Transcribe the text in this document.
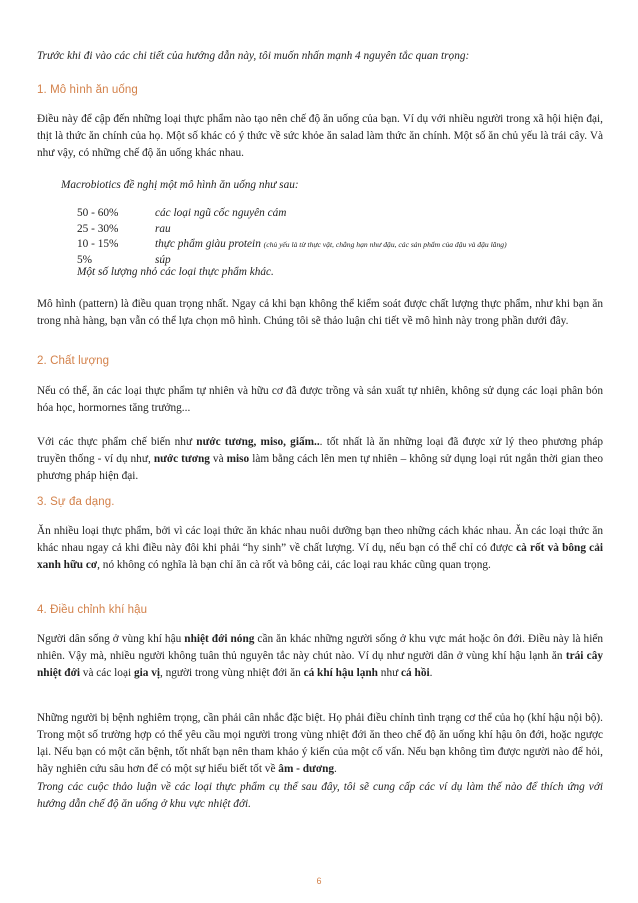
Trước khi đi vào các chi tiết của hướng dẫn này, tôi muốn nhấn mạnh 4 nguyên tắc quan trọng:

1. Mô hình ăn uống

Điều này để cập đến những loại thực phẩm nào tạo nên chế độ ăn uống của bạn. Ví dụ với nhiều người trong xã hội hiện đại, thịt là thức ăn chính của họ. Một số khác có ý thức về sức khỏe ăn salad làm thức ăn chính. Một số ăn chủ yếu là trái cây. Và như vậy, có những chế độ ăn uống khác nhau.

Macrobiotics đề nghị một mô hình ăn uống như sau:

50 - 60%	các loại ngũ cốc nguyên cám
25 - 30%	rau
10 - 15%	thực phẩm giàu protein (chủ yếu là từ thực vật, chẳng hạn như đậu, các sản phẩm của đậu và đậu lăng)
5%	súp

Một số lượng nhỏ các loại thực phẩm khác.

Mô hình (pattern) là điều quan trọng nhất. Ngay cả khi bạn không thể kiểm soát được chất lượng thực phẩm, như khi bạn ăn trong nhà hàng, bạn vẫn có thể lựa chọn mô hình. Chúng tôi sẽ thảo luận chi tiết về mô hình này trong phần dưới đây.

2. Chất lượng

Nếu có thể, ăn các loại thực phẩm tự nhiên và hữu cơ đã được trồng và sản xuất tự nhiên, không sử dụng các loại phân bón hóa học, hormornes tăng trưởng...

Với các thực phẩm chế biến như nước tương, miso, giấm... tốt nhất là ăn những loại đã được xử lý theo phương pháp truyền thống - ví dụ như, nước tương và miso làm bằng cách lên men tự nhiên – không sử dụng loại rút ngắn thời gian theo phương pháp hiện đại.

3. Sự đa dạng.

Ăn nhiều loại thực phẩm, bởi vì các loại thức ăn khác nhau nuôi dưỡng bạn theo những cách khác nhau. Ăn các loại thức ăn khác nhau ngay cả khi điều này đôi khi phải “hy sinh” về chất lượng. Ví dụ, nếu bạn có thể chỉ có được cà rốt và bông cải xanh hữu cơ, nó không có nghĩa là bạn chỉ ăn cà rốt và bông cải, các loại rau khác cũng quan trọng.

4. Điều chỉnh khí hậu

Người dân sống ở vùng khí hậu nhiệt đới nóng cần ăn khác những người sống ở khu vực mát hoặc ôn đới. Điều này là hiển nhiên. Vậy mà, nhiều người không tuân thủ nguyên tắc này chút nào. Ví dụ như người dân ở vùng khí hậu lạnh ăn trái cây nhiệt đới và các loại gia vị, người trong vùng nhiệt đới ăn cá khí hậu lạnh như cá hồi.

Những người bị bệnh nghiêm trọng, cần phải cân nhắc đặc biệt. Họ phải điều chỉnh tình trạng cơ thể của họ (khí hậu nội bộ). Trong một số trường hợp có thể yêu cầu mọi người trong vùng nhiệt đới ăn theo chế độ ăn uống khí hậu ôn đới, hoặc ngược lại. Nếu bạn có một căn bệnh, tốt nhất bạn nên tham khảo ý kiến của một cố vấn. Nếu bạn không tìm được người nào để hỏi, hãy nghiên cứu sâu hơn để có một sự hiểu biết tốt về âm - dương.

Trong các cuộc thảo luận về các loại thực phẩm cụ thể sau đây, tôi sẽ cung cấp các ví dụ làm thế nào để thích ứng với hướng dẫn chế độ ăn uống ở khu vực nhiệt đới.

6
